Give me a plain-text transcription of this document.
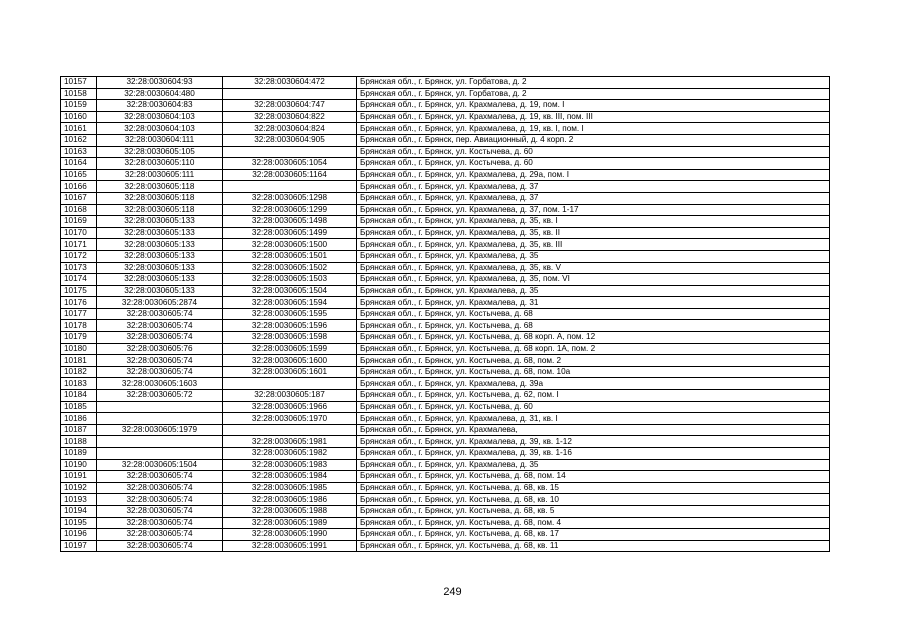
10157	32:28:0030604:93	32:28:0030604:472	Брянская обл., г. Брянск, ул. Горбатова, д. 2
10158	32:28:0030604:480		Брянская обл., г. Брянск, ул. Горбатова, д. 2
10159	32:28:0030604:83	32:28:0030604:747	Брянская обл., г. Брянск, ул. Крахмалева, д. 19, пом. I
10160	32:28:0030604:103	32:28:0030604:822	Брянская обл., г. Брянск, ул. Крахмалева, д. 19, кв. III, пом. III
10161	32:28:0030604:103	32:28:0030604:824	Брянская обл., г. Брянск, ул. Крахмалева, д. 19, кв. I, пом. I
10162	32:28:0030604:111	32:28:0030604:905	Брянская обл., г. Брянск, пер. Авиационный, д. 4 корп. 2
10163	32:28:0030605:105		Брянская обл., г. Брянск, ул. Костычева, д. 60
10164	32:28:0030605:110	32:28:0030605:1054	Брянская обл., г. Брянск, ул. Костычева, д. 60
10165	32:28:0030605:111	32:28:0030605:1164	Брянская обл., г. Брянск, ул. Крахмалева, д. 29а, пом. I
10166	32:28:0030605:118		Брянская обл., г. Брянск, ул. Крахмалева, д. 37
10167	32:28:0030605:118	32:28:0030605:1298	Брянская обл., г. Брянск, ул. Крахмалева, д. 37
10168	32:28:0030605:118	32:28:0030605:1299	Брянская обл., г. Брянск, ул. Крахмалева, д. 37, пом. 1-17
10169	32:28:0030605:133	32:28:0030605:1498	Брянская обл., г. Брянск, ул. Крахмалева, д. 35, кв. I
10170	32:28:0030605:133	32:28:0030605:1499	Брянская обл., г. Брянск, ул. Крахмалева, д. 35, кв. II
10171	32:28:0030605:133	32:28:0030605:1500	Брянская обл., г. Брянск, ул. Крахмалева, д. 35, кв. III
10172	32:28:0030605:133	32:28:0030605:1501	Брянская обл., г. Брянск, ул. Крахмалева, д. 35
10173	32:28:0030605:133	32:28:0030605:1502	Брянская обл., г. Брянск, ул. Крахмалева, д. 35, кв. V
10174	32:28:0030605:133	32:28:0030605:1503	Брянская обл., г. Брянск, ул. Крахмалева, д. 35, пом. VI
10175	32:28:0030605:133	32:28:0030605:1504	Брянская обл., г. Брянск, ул. Крахмалева, д. 35
10176	32:28:0030605:2874	32:28:0030605:1594	Брянская обл., г. Брянск, ул. Крахмалева, д. 31
10177	32:28:0030605:74	32:28:0030605:1595	Брянская обл., г. Брянск, ул. Костычева, д. 68
10178	32:28:0030605:74	32:28:0030605:1596	Брянская обл., г. Брянск, ул. Костычева, д. 68
10179	32:28:0030605:74	32:28:0030605:1598	Брянская обл., г. Брянск, ул. Костычева, д. 68 корп. А, пом. 12
10180	32:28:0030605:76	32:28:0030605:1599	Брянская обл., г. Брянск, ул. Костычева, д. 68 корп. 1А, пом. 2
10181	32:28:0030605:74	32:28:0030605:1600	Брянская обл., г. Брянск, ул. Костычева, д. 68, пом. 2
10182	32:28:0030605:74	32:28:0030605:1601	Брянская обл., г. Брянск, ул. Костычева, д. 68, пом. 10а
10183	32:28:0030605:1603		Брянская обл., г. Брянск, ул. Крахмалева, д. 39а
10184	32:28:0030605:72	32:28:0030605:187	Брянская обл., г. Брянск, ул. Костычева, д. 62, пом. I
10185		32:28:0030605:1966	Брянская обл., г. Брянск, ул. Костычева, д. 60
10186		32:28:0030605:1970	Брянская обл., г. Брянск, ул. Крахмалева, д. 31, кв. I
10187	32:28:0030605:1979		Брянская обл., г. Брянск, ул. Крахмалева,
10188		32:28:0030605:1981	Брянская обл., г. Брянск, ул. Крахмалева, д. 39, кв. 1-12
10189		32:28:0030605:1982	Брянская обл., г. Брянск, ул. Крахмалева, д. 39, кв. 1-16
10190	32:28:0030605:1504	32:28:0030605:1983	Брянская обл., г. Брянск, ул. Крахмалева, д. 35
10191	32:28:0030605:74	32:28:0030605:1984	Брянская обл., г. Брянск, ул. Костычева, д. 68, пом. 14
10192	32:28:0030605:74	32:28:0030605:1985	Брянская обл., г. Брянск, ул. Костычева, д. 68, кв. 15
10193	32:28:0030605:74	32:28:0030605:1986	Брянская обл., г. Брянск, ул. Костычева, д. 68, кв. 10
10194	32:28:0030605:74	32:28:0030605:1988	Брянская обл., г. Брянск, ул. Костычева, д. 68, кв. 5
10195	32:28:0030605:74	32:28:0030605:1989	Брянская обл., г. Брянск, ул. Костычева, д. 68, пом. 4
10196	32:28:0030605:74	32:28:0030605:1990	Брянская обл., г. Брянск, ул. Костычева, д. 68, кв. 17
10197	32:28:0030605:74	32:28:0030605:1991	Брянская обл., г. Брянск, ул. Костычева, д. 68, кв. 11
249
